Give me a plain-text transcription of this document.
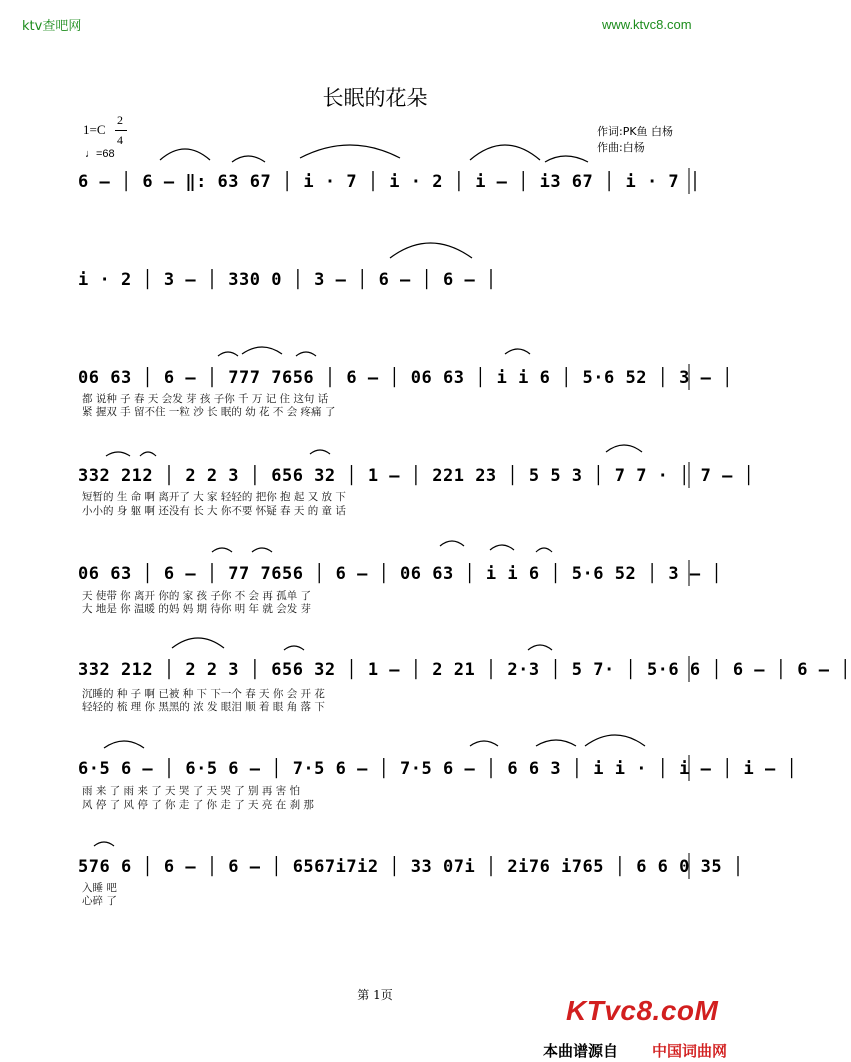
ktv查吧网	www.ktvc8.com
长眠的花朵
1=C
2
4
♩=68
作词:PK鱼 白杨
作曲:白杨
6 – │ 6 – ‖: 63 67 │ i · 7 │ i · 2 │ i – │ i3 67 │ i · 7 │
i · 2 │ 3 – │ 330 0 │ 3 – │ 6 – │ 6 – │
06 63 │ 6 – │ 777 7656 │ 6 – │ 06 63 │ i i 6 │ 5·6 52 │ 3 – │
都 说种 子 春 天 会发 芽 孩 子你 千 万 记 住 这句 话
紧 握双 手 留不住 一粒 沙 长 眠的 幼 花 不 会 疼痛 了
332 212 │ 2 2 3 │ 656 32 │ 1 – │ 221 23 │ 5 5 3 │ 7 7 · │ 7 – │
短暂的 生 命 啊 离开了 大 家 轻轻的 把你 抱 起 又 放 下
小小的 身 躯 啊 还没有 长 大 你不要 怀疑 春 天 的 童 话
06 63 │ 6 – │ 77 7656 │ 6 – │ 06 63 │ i i 6 │ 5·6 52 │ 3 – │
天 使带 你 离开 你的 家 孩 子你 不 会 再 孤单 了
大 地是 你 温暖 的妈 妈 期 待你 明 年 就 会发 芽
332 212 │ 2 2 3 │ 656 32 │ 1 – │ 2 21 │ 2·3 │ 5 7· │ 5·6 6 │ 6 – │ 6 – │
沉睡的 种 子 啊 已被 种 下 下一个 春 天 你 会 开 花
轻轻的 梳 理 你 黑黑的 浓 发 眼泪 顺 着 眼 角 落 下
6·5 6 – │ 6·5 6 – │ 7·5 6 – │ 7·5 6 – │ 6 6 3 │ i i · │ i – │ i – │
雨 来 了 雨 来 了 天 哭 了 天 哭 了 别 再 害 怕
风 停 了 风 停 了 你 走 了 你 走 了 天 亮 在 刹 那
576 6 │ 6 – │ 6 – │ 6567i7i2 │ 33 07i │ 2i76 i765 │ 6 6 0 35 │
入睡 吧
心碎 了
第 1页	KTvc8.coM
本曲谱源自 中国词曲网
